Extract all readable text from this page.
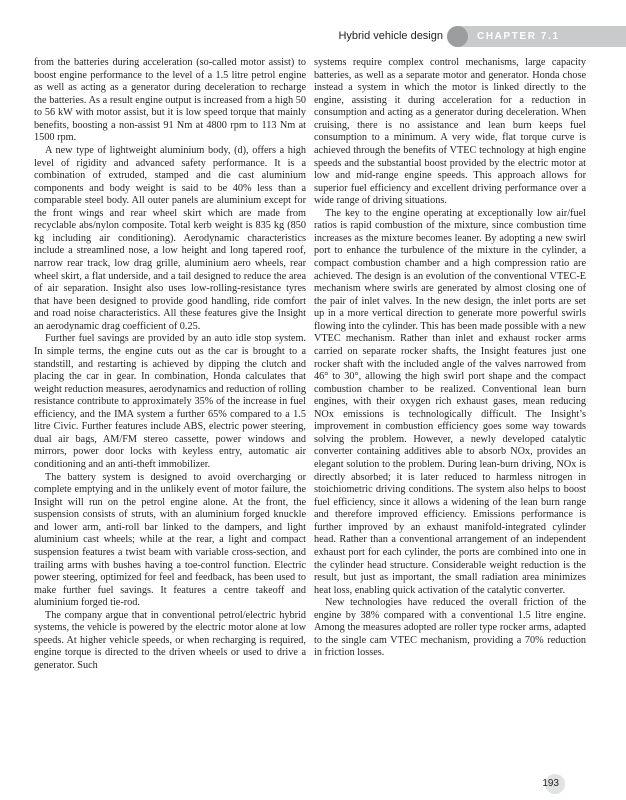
Hybrid vehicle design	CHAPTER 7.1

from the batteries during acceleration (so-called motor assist) to boost engine performance to the level of a 1.5 litre petrol engine as well as acting as a generator during deceleration to recharge the batteries. As a result engine output is increased from a high 50 to 56 kW with motor assist, but it is low speed torque that mainly benefits, boosting a non-assist 91 Nm at 4800 rpm to 113 Nm at 1500 rpm.

A new type of lightweight aluminium body, (d), offers a high level of rigidity and advanced safety performance. It is a combination of extruded, stamped and die cast aluminium components and body weight is said to be 40% less than a comparable steel body. All outer panels are aluminium except for the front wings and rear wheel skirt which are made from recyclable abs/nylon composite. Total kerb weight is 835 kg (850 kg including air conditioning). Aerodynamic characteristics include a streamlined nose, a low height and long tapered roof, narrow rear track, low drag grille, aluminium aero wheels, rear wheel skirt, a flat underside, and a tail designed to reduce the area of air separation. Insight also uses low-rolling-resistance tyres that have been designed to provide good handling, ride comfort and road noise characteristics. All these features give the Insight an aerodynamic drag coefficient of 0.25.

Further fuel savings are provided by an auto idle stop system. In simple terms, the engine cuts out as the car is brought to a standstill, and restarting is achieved by dipping the clutch and placing the car in gear. In combination, Honda calculates that weight reduction measures, aerodynamics and reduction of rolling resistance contribute to approximately 35% of the increase in fuel efficiency, and the IMA system a further 65% compared to a 1.5 litre Civic. Further features include ABS, electric power steering, dual air bags, AM/FM stereo cassette, power windows and mirrors, power door locks with keyless entry, automatic air conditioning and an anti-theft immobilizer.

The battery system is designed to avoid overcharging or complete emptying and in the unlikely event of motor failure, the Insight will run on the petrol engine alone. At the front, the suspension consists of struts, with an aluminium forged knuckle and lower arm, anti-roll bar linked to the dampers, and light aluminium cast wheels; while at the rear, a light and compact suspension features a twist beam with variable cross-section, and trailing arms with bushes having a toe-control function. Electric power steering, optimized for feel and feedback, has been used to make further fuel savings. It features a centre takeoff and aluminium forged tie-rod.

The company argue that in conventional petrol/electric hybrid systems, the vehicle is powered by the electric motor alone at low speeds. At higher vehicle speeds, or when recharging is required, engine torque is directed to the driven wheels or used to drive a generator. Such

systems require complex control mechanisms, large capacity batteries, as well as a separate motor and generator. Honda chose instead a system in which the motor is linked directly to the engine, assisting it during acceleration for a reduction in consumption and acting as a generator during deceleration. When cruising, there is no assistance and lean burn keeps fuel consumption to a minimum. A very wide, flat torque curve is achieved through the benefits of VTEC technology at high engine speeds and the substantial boost provided by the electric motor at low and mid-range engine speeds. This approach allows for superior fuel efficiency and excellent driving performance over a wide range of driving situations.

The key to the engine operating at exceptionally low air/fuel ratios is rapid combustion of the mixture, since combustion time increases as the mixture becomes leaner. By adopting a new swirl port to enhance the turbulence of the mixture in the cylinder, a compact combustion chamber and a high compression ratio are achieved. The design is an evolution of the conventional VTEC-E mechanism where swirls are generated by almost closing one of the pair of inlet valves. In the new design, the inlet ports are set up in a more vertical direction to generate more powerful swirls flowing into the cylinder. This has been made possible with a new VTEC mechanism. Rather than inlet and exhaust rocker arms carried on separate rocker shafts, the Insight features just one rocker shaft with the included angle of the valves narrowed from 46° to 30°, allowing the high swirl port shape and the compact combustion chamber to be realized. Conventional lean burn engines, with their oxygen rich exhaust gases, mean reducing NOx emissions is technologically difficult. The Insight’s improvement in combustion efficiency goes some way towards solving the problem. However, a newly developed catalytic converter containing additives able to absorb NOx, provides an elegant solution to the problem. During lean-burn driving, NOx is directly absorbed; it is later reduced to harmless nitrogen in stoichiometric driving conditions. The system also helps to boost fuel efficiency, since it allows a widening of the lean burn range and therefore improved efficiency. Emissions performance is further improved by an exhaust manifold-integrated cylinder head. Rather than a conventional arrangement of an independent exhaust port for each cylinder, the ports are combined into one in the cylinder head structure. Considerable weight reduction is the result, but just as important, the small radiation area minimizes heat loss, enabling quick activation of the catalytic converter.

New technologies have reduced the overall friction of the engine by 38% compared with a conventional 1.5 litre engine. Among the measures adopted are roller type rocker arms, adapted to the single cam VTEC mechanism, providing a 70% reduction in friction losses.

193
